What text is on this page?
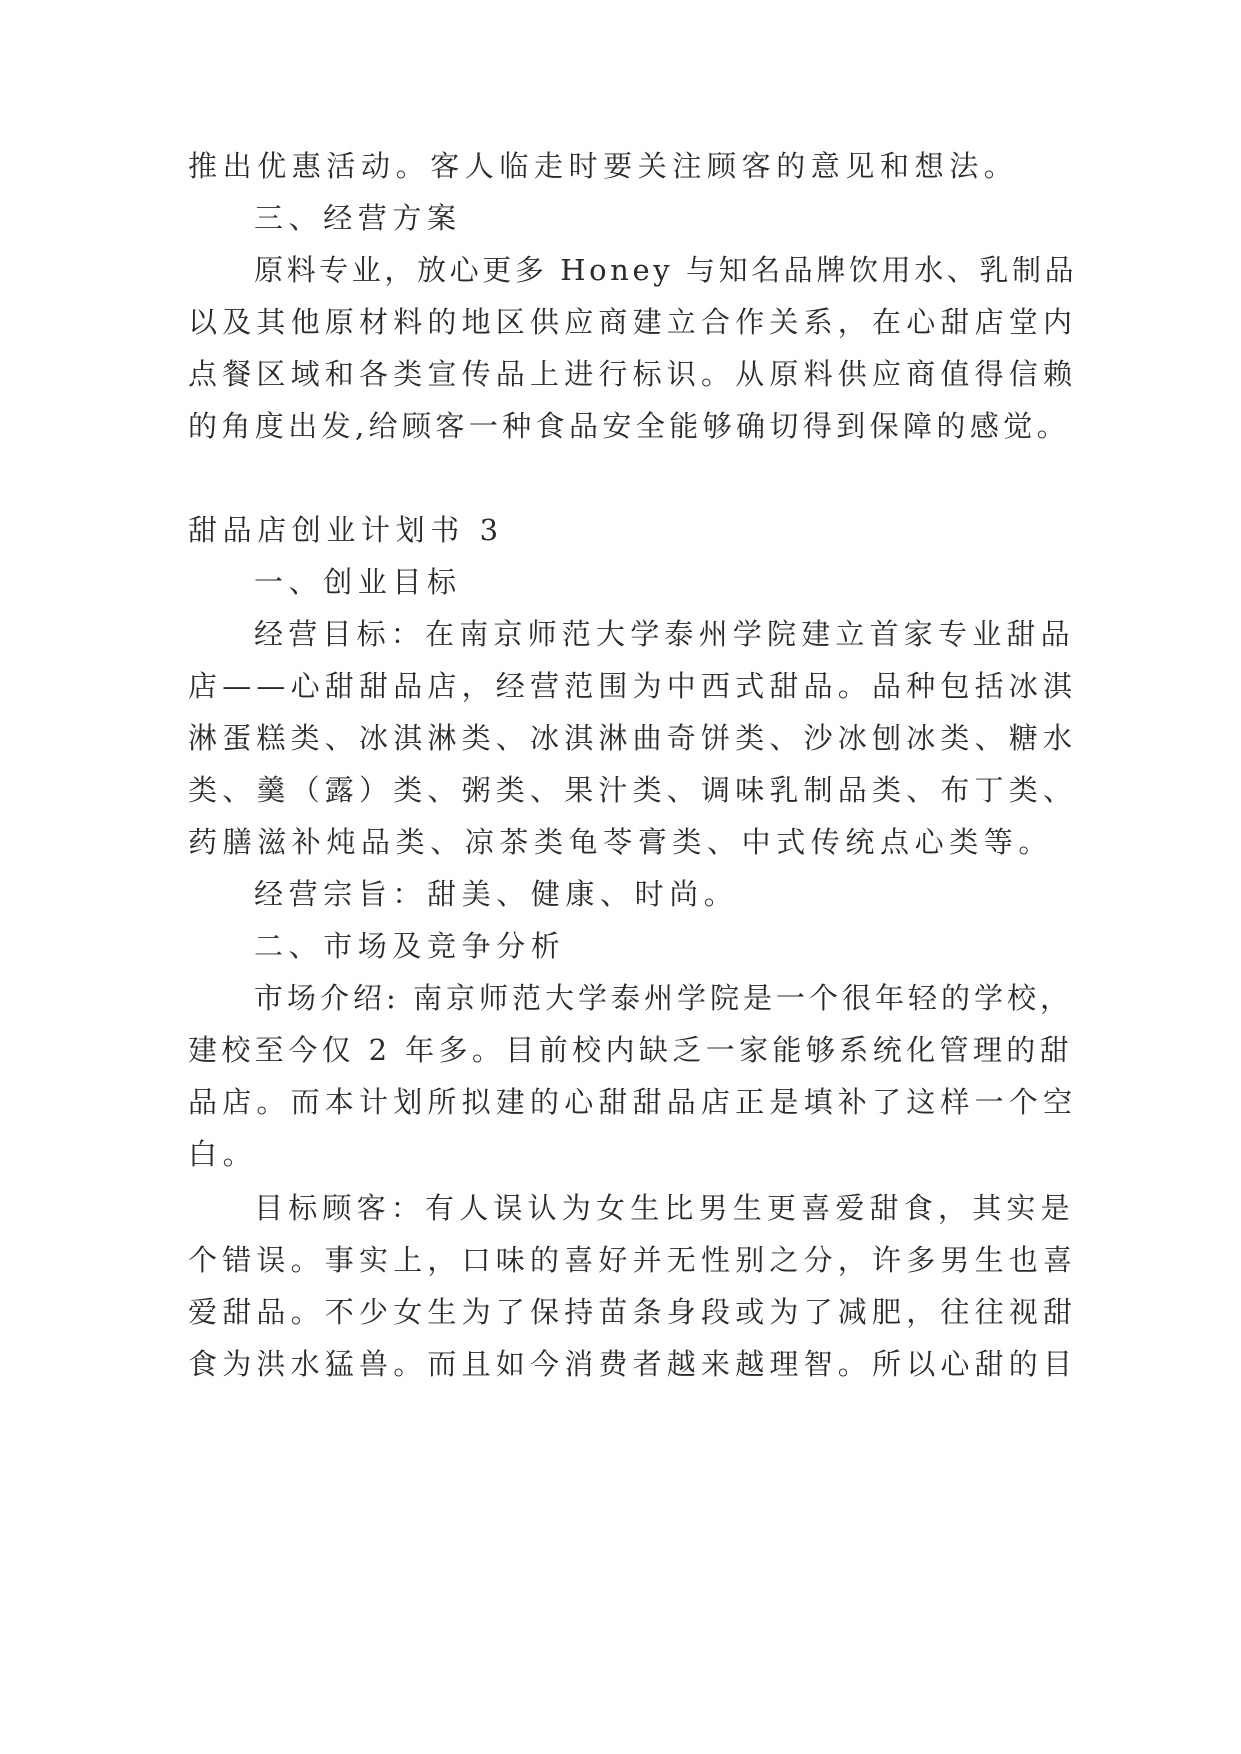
推出优惠活动。客人临走时要关注顾客的意见和想法。

三、经营方案

原料专业，放心更多 Honey 与知名品牌饮用水、乳制品

以及其他原材料的地区供应商建立合作关系，在心甜店堂内

点餐区域和各类宣传品上进行标识。从原料供应商值得信赖

的角度出发,给顾客一种食品安全能够确切得到保障的感觉。

甜品店创业计划书 3

一、创业目标

经营目标：在南京师范大学泰州学院建立首家专业甜品

店——心甜甜品店，经营范围为中西式甜品。品种包括冰淇

淋蛋糕类、冰淇淋类、冰淇淋曲奇饼类、沙冰刨冰类、糖水

类、羹（露）类、粥类、果汁类、调味乳制品类、布丁类、

药膳滋补炖品类、凉茶类龟苓膏类、中式传统点心类等。

经营宗旨：甜美、健康、时尚。

二、市场及竞争分析

市场介绍: 南京师范大学泰州学院是一个很年轻的学校，

建校至今仅 2 年多。目前校内缺乏一家能够系统化管理的甜

品店。而本计划所拟建的心甜甜品店正是填补了这样一个空

白。

目标顾客：有人误认为女生比男生更喜爱甜食，其实是

个错误。事实上，口味的喜好并无性别之分，许多男生也喜

爱甜品。不少女生为了保持苗条身段或为了减肥，往往视甜

食为洪水猛兽。而且如今消费者越来越理智。所以心甜的目
